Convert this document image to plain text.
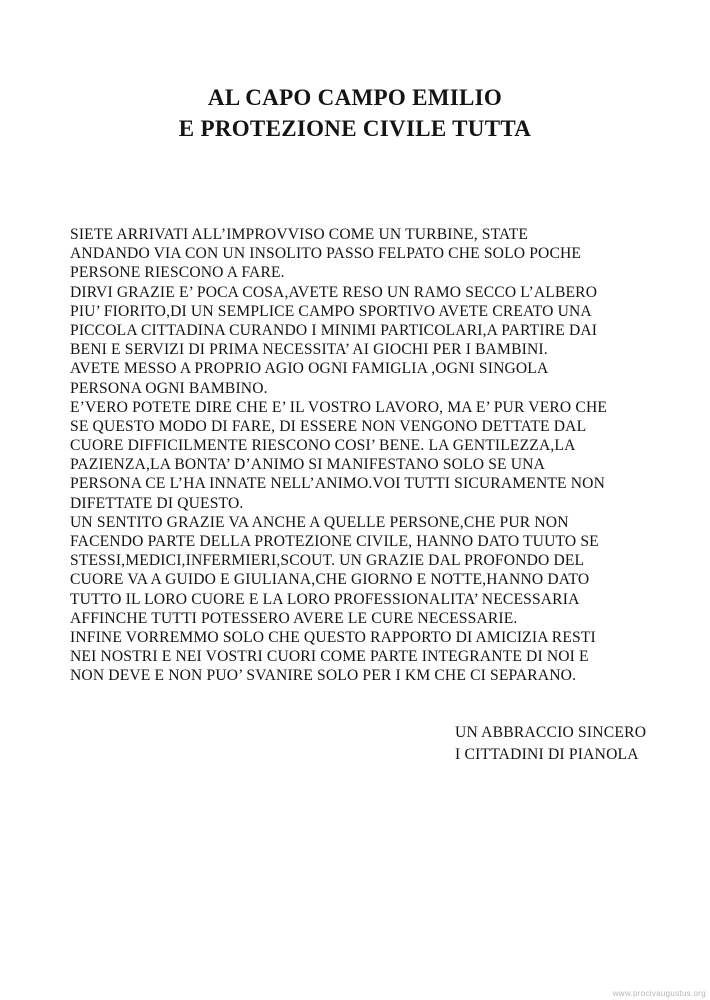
AL CAPO CAMPO EMILIO
E PROTEZIONE CIVILE TUTTA
SIETE ARRIVATI ALL’IMPROVVISO COME UN TURBINE, STATE
ANDANDO VIA CON UN INSOLITO PASSO FELPATO CHE SOLO POCHE
PERSONE RIESCONO A FARE.
DIRVI GRAZIE E’ POCA COSA,AVETE RESO UN RAMO SECCO L’ALBERO
PIU’ FIORITO,DI UN SEMPLICE CAMPO SPORTIVO AVETE CREATO UNA
PICCOLA CITTADINA CURANDO I MINIMI PARTICOLARI,A PARTIRE DAI
BENI E SERVIZI DI PRIMA NECESSITA’ AI GIOCHI PER I BAMBINI.
AVETE MESSO A PROPRIO AGIO OGNI FAMIGLIA ,OGNI SINGOLA
PERSONA OGNI BAMBINO.
E’VERO POTETE DIRE CHE E’ IL VOSTRO LAVORO, MA E’ PUR VERO CHE
SE QUESTO MODO DI FARE, DI ESSERE NON VENGONO DETTATE DAL
CUORE DIFFICILMENTE RIESCONO COSI’ BENE. LA GENTILEZZA,LA
PAZIENZA,LA BONTA’ D’ANIMO SI MANIFESTANO SOLO SE UNA
PERSONA CE L’HA INNATE NELL’ANIMO.VOI TUTTI SICURAMENTE NON
DIFETTATE DI QUESTO.
UN SENTITO GRAZIE VA ANCHE A QUELLE PERSONE,CHE PUR NON
FACENDO PARTE DELLA PROTEZIONE CIVILE, HANNO DATO TUUTO SE
STESSI,MEDICI,INFERMIERI,SCOUT. UN GRAZIE DAL PROFONDO DEL
CUORE VA A GUIDO E GIULIANA,CHE GIORNO E NOTTE,HANNO DATO
TUTTO IL LORO CUORE E LA LORO PROFESSIONALITA’ NECESSARIA
AFFINCHE TUTTI POTESSERO AVERE LE CURE NECESSARIE.
INFINE VORREMMO SOLO CHE QUESTO RAPPORTO DI AMICIZIA RESTI
NEI NOSTRI E NEI VOSTRI CUORI COME PARTE INTEGRANTE DI NOI E
NON DEVE E NON PUO’ SVANIRE SOLO PER I KM CHE CI SEPARANO.
UN ABBRACCIO SINCERO
I CITTADINI DI PIANOLA
www.procivaugustus.org
